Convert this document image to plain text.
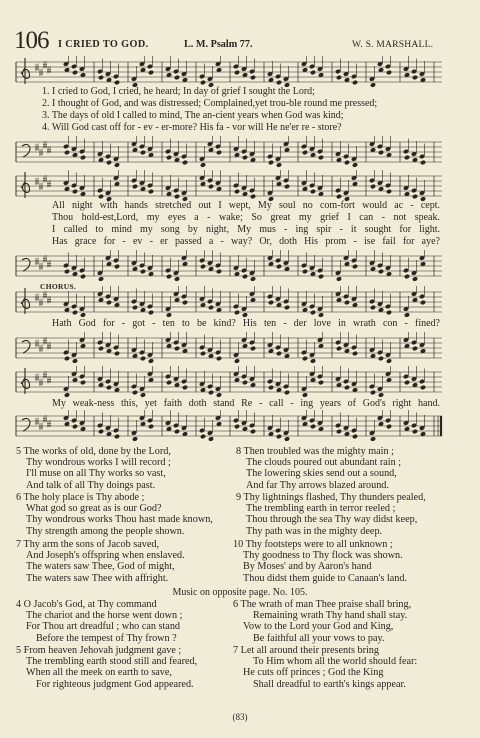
106 I CRIED TO GOD.	L. M. Psalm 77.	W. S. MARSHALL.
1. I cried to God, I cried, he heard; In day of grief I sought the Lord;
2. I thought of God, and was distressed; Complained,yet trou-ble round me pressed;
3. The days of old I called to mind, The an-cient years when God was kind;
4. Will God cast off for - ev - er-more? His fa - vor will He ne'er re - store?
All night with hands stretched out I wept, My soul no com-fort would ac - cept.
Thou hold-est,Lord, my eyes a - wake; So great my grief I can - not speak.
I called to mind my song by night, My mus - ing spir - it sought for light.
Has grace for - ev - er passed a - way? Or, doth His prom - ise fail for aye?
CHORUS.
Hath God for - got - ten to be kind? His ten - der love in wrath con - fined?
My weak-ness this, yet faith doth stand Re - call - ing years of God's right hand.
5 The works of old, done by the Lord,
Thy wondrous works I will record ;
I'll muse on all Thy works so vast,
And talk of all Thy doings past.
8 Then troubled was the mighty main ;
The clouds poured out abundant rain ;
The lowering skies send out a sound,
And far Thy arrows blazed around.
6 The holy place is Thy abode ;
What god so great as is our God?
Thy wondrous works Thou hast made known,
Thy strength among the people shown.
9 Thy lightnings flashed, Thy thunders pealed,
The trembling earth in terror reeled ;
Thou through the sea Thy way didst keep,
Thy path was in the mighty deep.
7 Thy arm the sons of Jacob saved,
And Joseph's offspring when enslaved.
The waters saw Thee, God of might,
The waters saw Thee with affright.
10 Thy footsteps were to all unknown ;
Thy goodness to Thy flock was shown.
By Moses' and by Aaron's hand
Thou didst them guide to Canaan's land.
Music on opposite page. No. 105.
4 O Jacob's God, at Thy command
The chariot and the horse went down ;
For Thou art dreadful ; who can stand
Before the tempest of Thy frown ?
6 The wrath of man Thee praise shall bring,
Remaining wrath Thy hand shall stay.
Vow to the Lord your God and King,
Be faithful all your vows to pay.
5 From heaven Jehovah judgment gave ;
The trembling earth stood still and feared,
When all the meek on earth to save,
For righteous judgment God appeared.
7 Let all around their presents bring
To Him whom all the world should fear:
He cuts off princes ; God the King
Shall dreadful to earth's kings appear.
(83)
